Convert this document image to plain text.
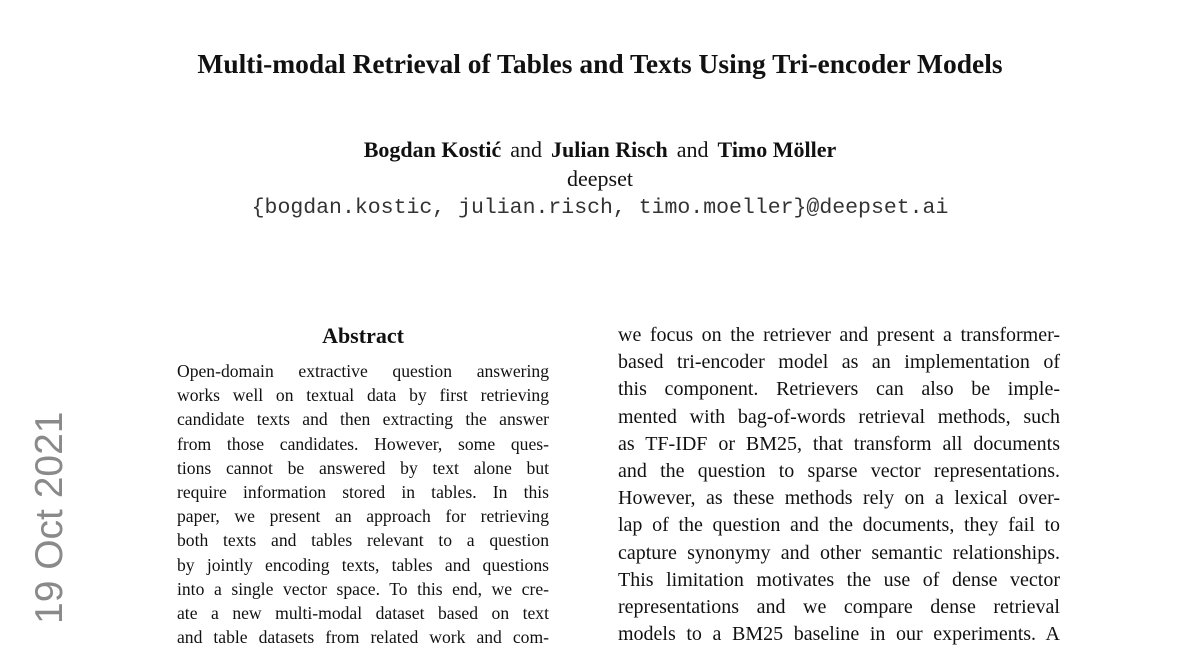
Multi-modal Retrieval of Tables and Texts Using Tri-encoder Models
Bogdan Kostić and Julian Risch and Timo Möller
deepset
{bogdan.kostic, julian.risch, timo.moeller}@deepset.ai
19 Oct 2021
Abstract
Open-domain extractive question answering
works well on textual data by first retrieving
candidate texts and then extracting the answer
from those candidates. However, some ques-
tions cannot be answered by text alone but
require information stored in tables. In this
paper, we present an approach for retrieving
both texts and tables relevant to a question
by jointly encoding texts, tables and questions
into a single vector space. To this end, we cre-
ate a new multi-modal dataset based on text
and table datasets from related work and com-
we focus on the retriever and present a transformer-
based tri-encoder model as an implementation of
this component. Retrievers can also be imple-
mented with bag-of-words retrieval methods, such
as TF-IDF or BM25, that transform all documents
and the question to sparse vector representations.
However, as these methods rely on a lexical over-
lap of the question and the documents, they fail to
capture synonymy and other semantic relationships.
This limitation motivates the use of dense vector
representations and we compare dense retrieval
models to a BM25 baseline in our experiments. A
